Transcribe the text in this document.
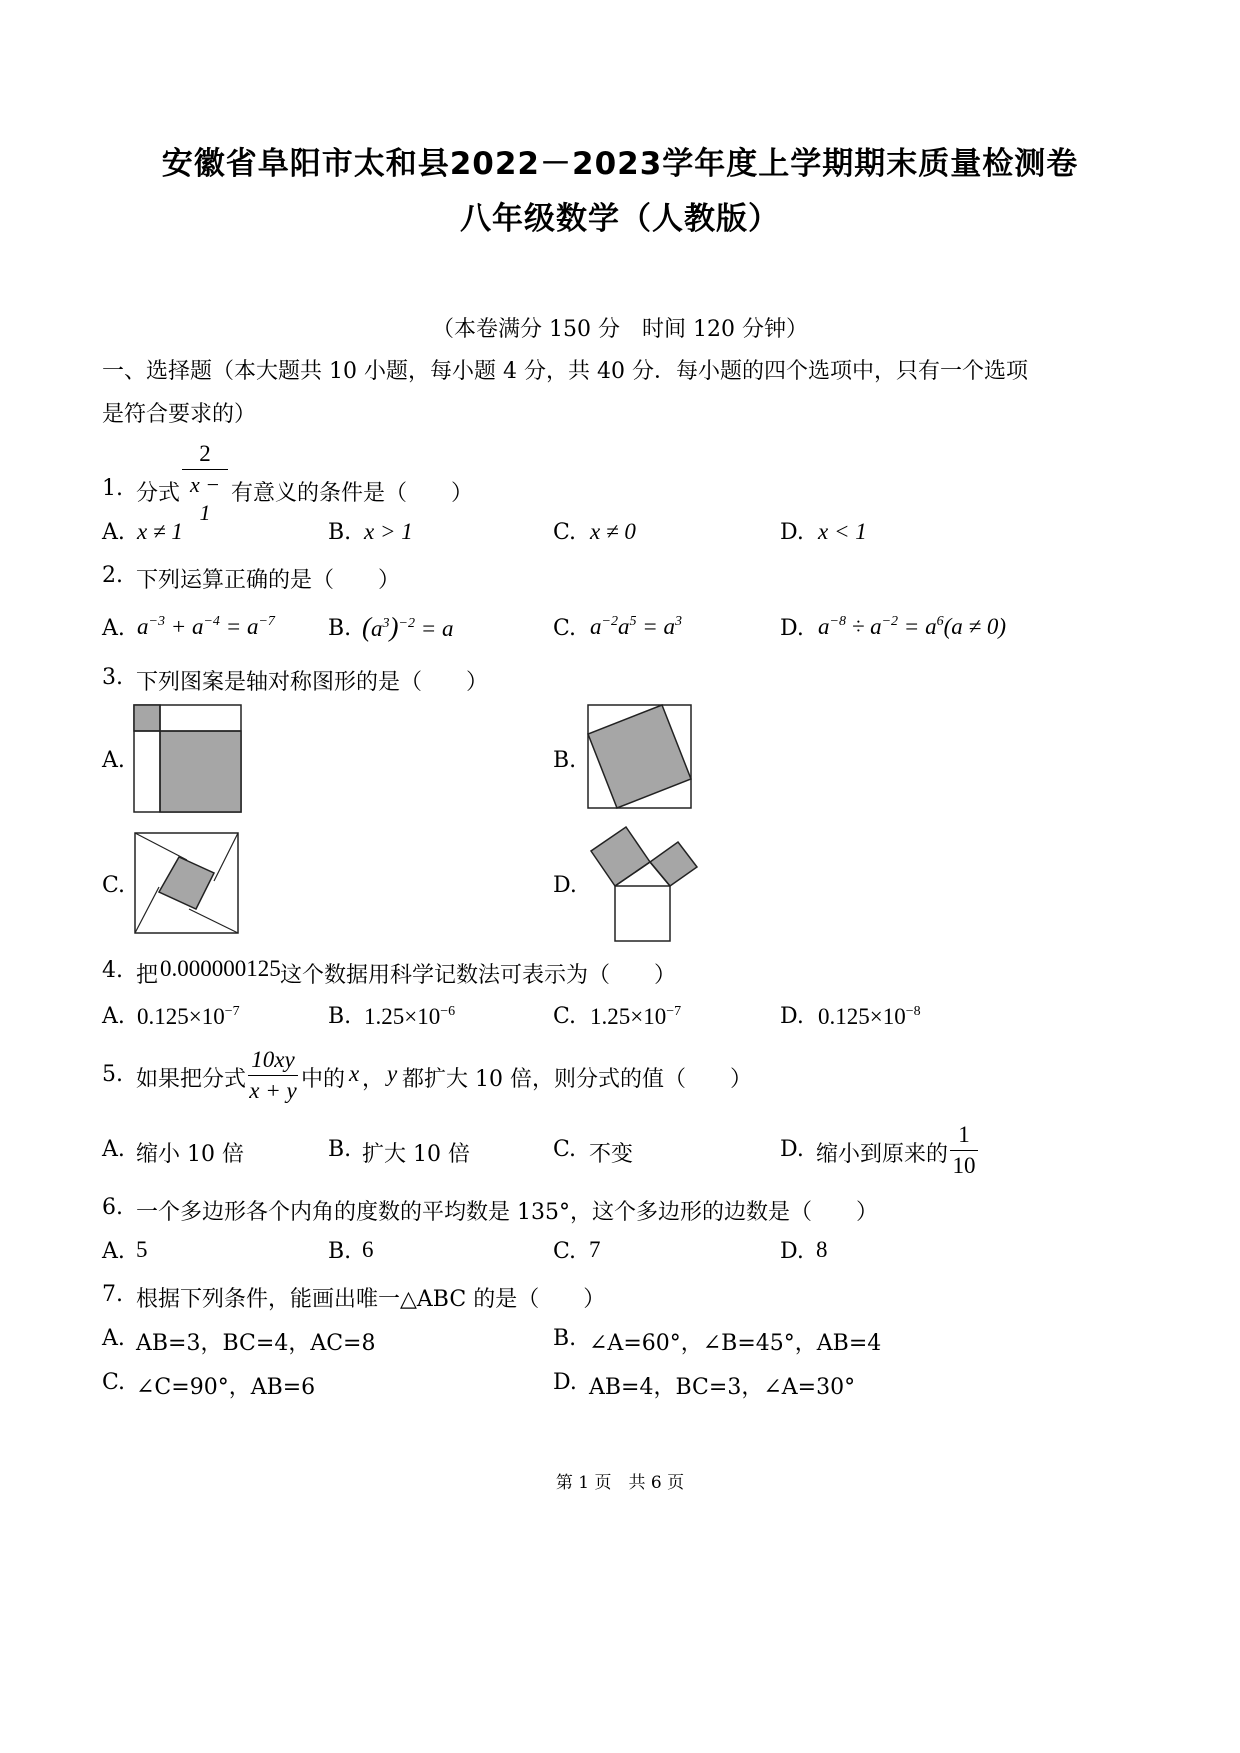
安徽省阜阳市太和县2022－2023学年度上学期期末质量检测卷
八年级数学（人教版）
（本卷满分 150 分　时间 120 分钟）
一、选择题（本大题共 10 小题，每小题 4 分，共 40 分．每小题的四个选项中，只有一个选项
是符合要求的）
1. 分式
2
x − 1
有意义的条件是（　　）
A. x ≠ 1	B. x > 1	C. x ≠ 0	D. x < 1
2. 下列运算正确的是（　　）
A. $a^{-3} + a^{-4} = a^{-7}$ B. $(a^3)^{-2} = a$	C. $a^{-2}a^5 = a^3$	D. $a^{-8} \div a^{-2} = a^6(a \ne 0)$
3. 下列图案是轴对称图形的是（　　）
A.	B.
C.	D.
4. 把 0.000000125 这个数据用科学记数法可表示为（　　）
A. $0.125\times 10^{-7}$	B. $1.25\times 10^{-6}$	C. $1.25\times 10^{-7}$	D. $0.125\times 10^{-8}$
5. 如果把分式
10xy
x + y 中的 x ， y 都扩大 10 倍，则分式的值（　　）
A. 缩小 10 倍	B. 扩大 10 倍	C. 不变	D. 缩小到原来的
1
10
6. 一个多边形各个内角的度数的平均数是 135°，这个多边形的边数是（　　）
A. 5	B. 6	C. 7	D. 8
7. 根据下列条件，能画出唯一△ABC 的是（　　）
A. AB=3，BC=4，AC=8	B. ∠A=60°，∠B=45°，AB=4
C. ∠C=90°，AB=6	D. AB=4，BC=3，∠A=30°
第 1 页　共 6 页
